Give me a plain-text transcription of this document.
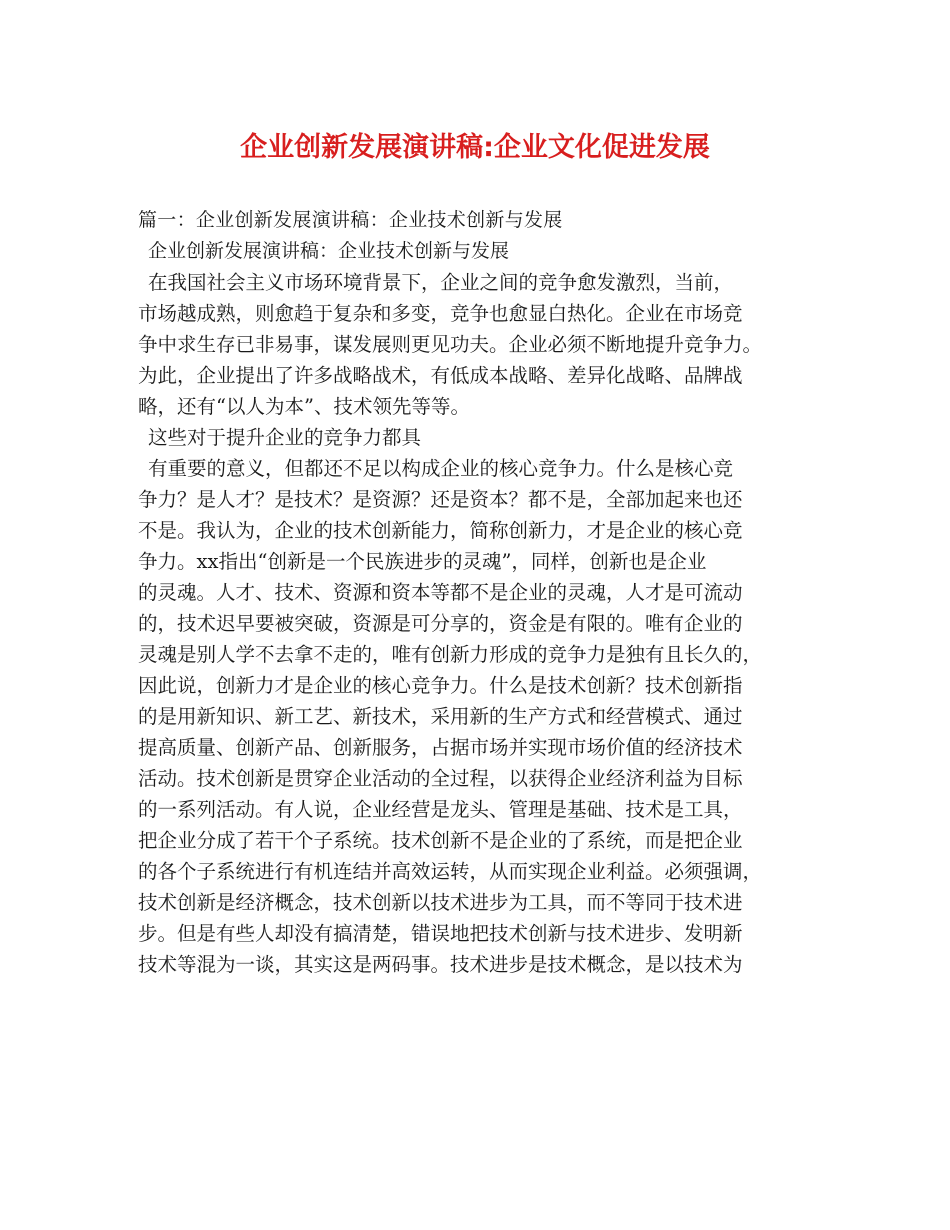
企业创新发展演讲稿:企业文化促进发展

篇一：企业创新发展演讲稿：企业技术创新与发展

企业创新发展演讲稿：企业技术创新与发展

在我国社会主义市场环境背景下，企业之间的竞争愈发激烈，当前，
市场越成熟，则愈趋于复杂和多变，竞争也愈显白热化。企业在市场竞
争中求生存已非易事，谋发展则更见功夫。企业必须不断地提升竞争力。
为此，企业提出了许多战略战术，有低成本战略、差异化战略、品牌战
略，还有“以人为本”、技术领先等等。

这些对于提升企业的竞争力都具

有重要的意义，但都还不足以构成企业的核心竞争力。什么是核心竞
争力？是人才？是技术？是资源？还是资本？都不是，全部加起来也还
不是。我认为，企业的技术创新能力，简称创新力，才是企业的核心竞
争力。xx指出“创新是一个民族进步的灵魂”，同样，创新也是企业
的灵魂。人才、技术、资源和资本等都不是企业的灵魂，人才是可流动
的，技术迟早要被突破，资源是可分享的，资金是有限的。唯有企业的
灵魂是别人学不去拿不走的，唯有创新力形成的竞争力是独有且长久的，
因此说，创新力才是企业的核心竞争力。什么是技术创新？技术创新指
的是用新知识、新工艺、新技术，采用新的生产方式和经营模式、通过
提高质量、创新产品、创新服务，占据市场并实现市场价值的经济技术
活动。技术创新是贯穿企业活动的全过程，以获得企业经济利益为目标
的一系列活动。有人说，企业经营是龙头、管理是基础、技术是工具，
把企业分成了若干个子系统。技术创新不是企业的了系统，而是把企业
的各个子系统进行有机连结并高效运转，从而实现企业利益。必须强调，
技术创新是经济概念，技术创新以技术进步为工具，而不等同于技术进
步。但是有些人却没有搞清楚，错误地把技术创新与技术进步、发明新
技术等混为一谈，其实这是两码事。技术进步是技术概念，是以技术为
